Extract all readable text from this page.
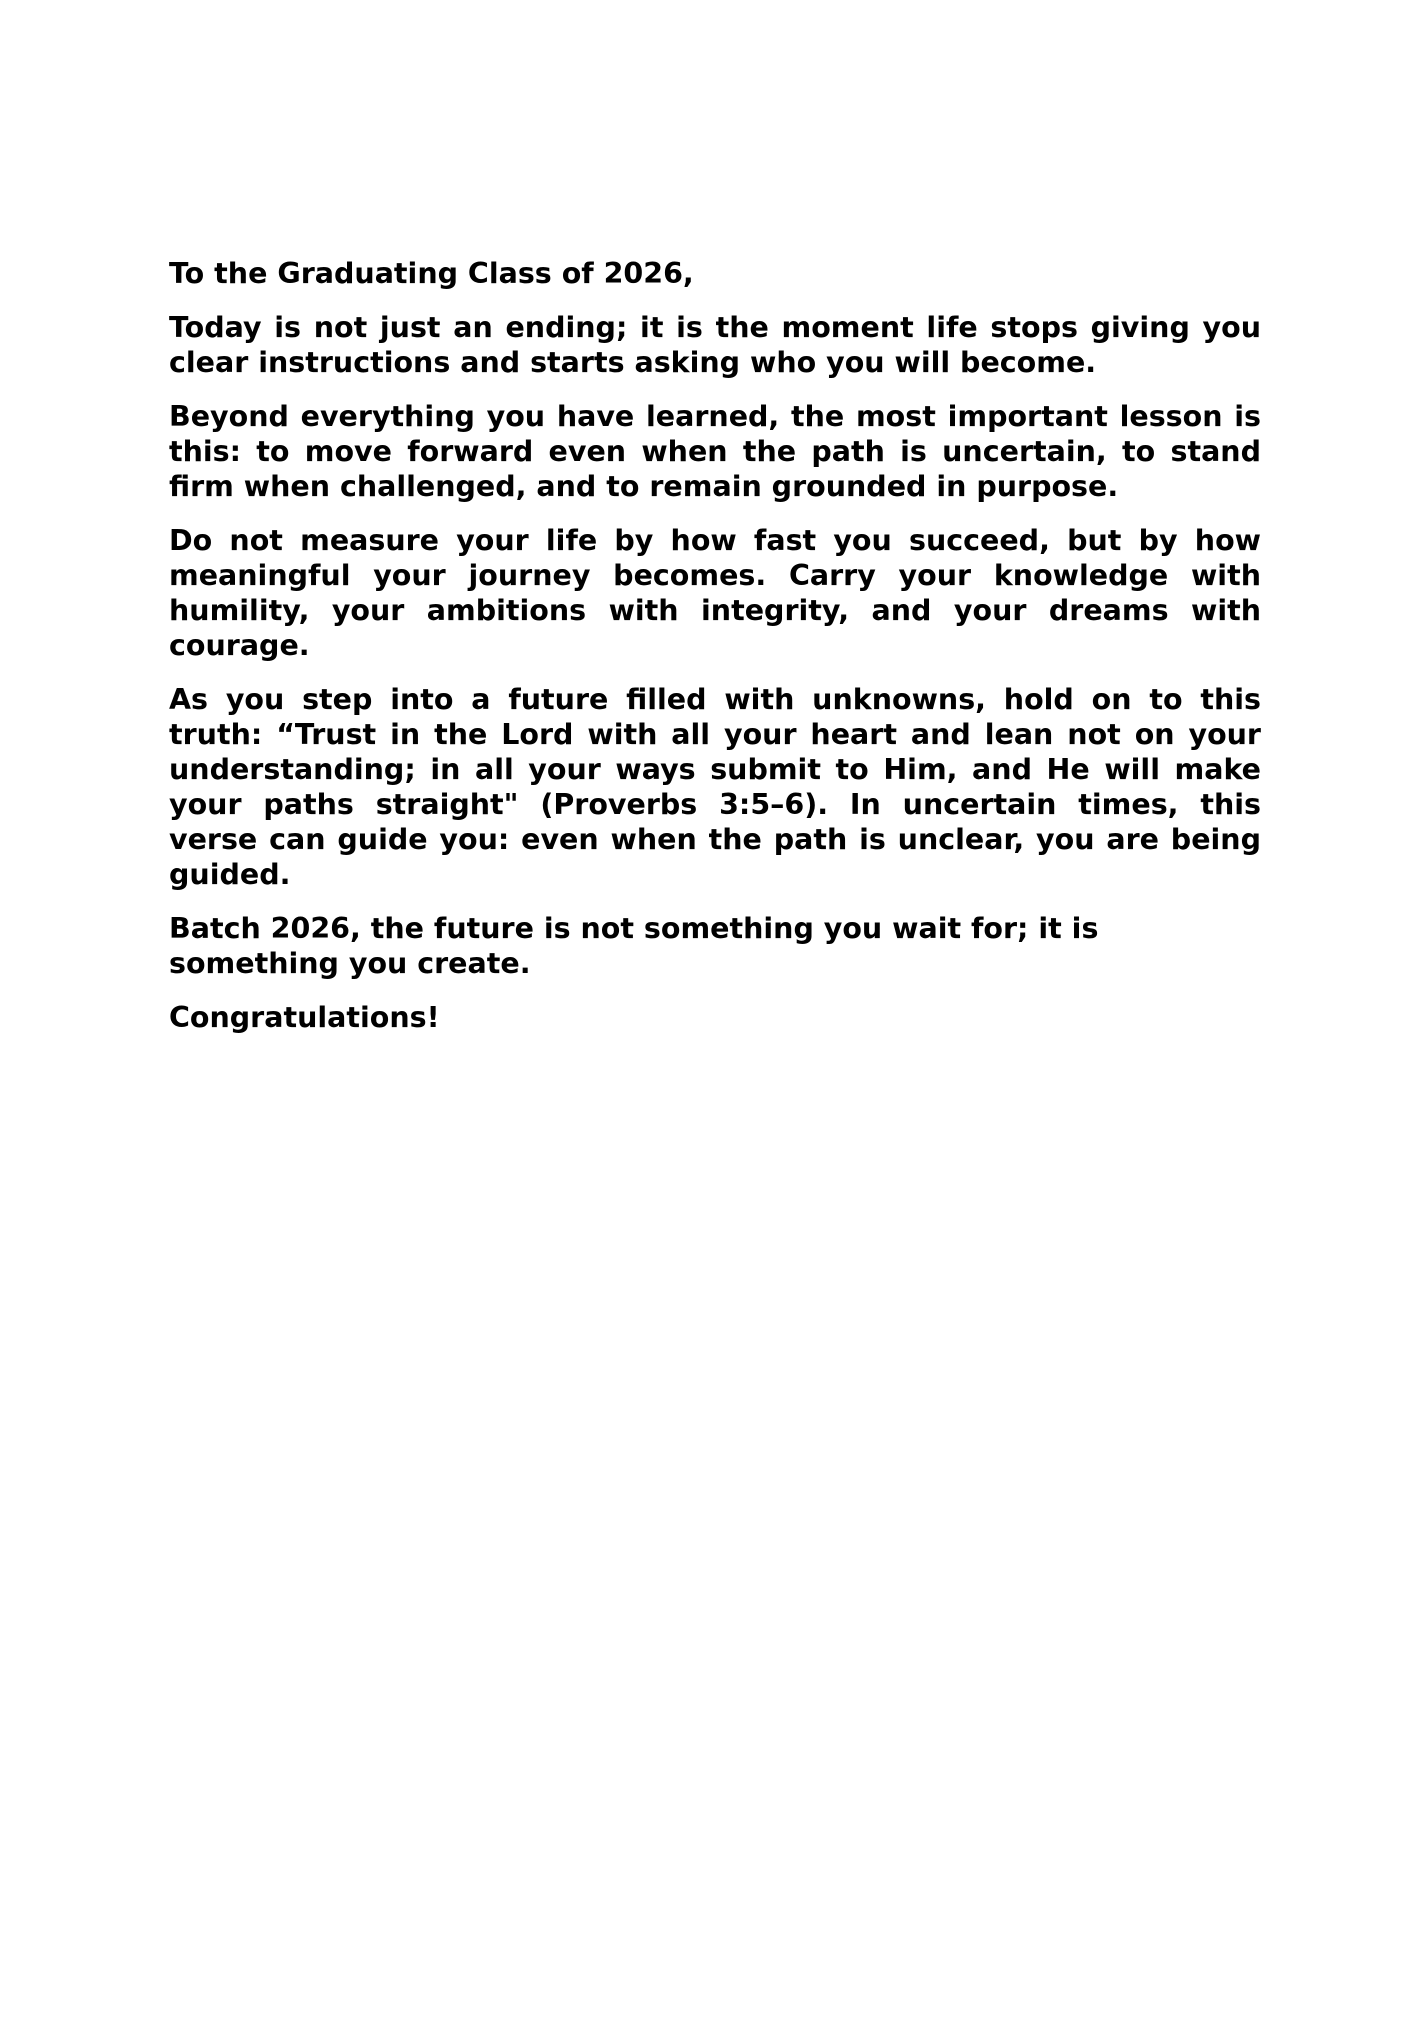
To the Graduating Class of 2026,

Today is not just an ending; it is the moment life stops giving you clear instructions and starts asking who you will become.

Beyond everything you have learned, the most important lesson is this: to move forward even when the path is uncertain, to stand firm when challenged, and to remain grounded in purpose.

Do not measure your life by how fast you succeed, but by how meaningful your journey becomes. Carry your knowledge with humility, your ambitions with integrity, and your dreams with courage.

As you step into a future filled with unknowns, hold on to this truth: “Trust in the Lord with all your heart and lean not on your understanding; in all your ways submit to Him, and He will make your paths straight" (Proverbs 3:5–6). In uncertain times, this verse can guide you: even when the path is unclear, you are being guided.

Batch 2026, the future is not something you wait for; it is something you create.

Congratulations!
